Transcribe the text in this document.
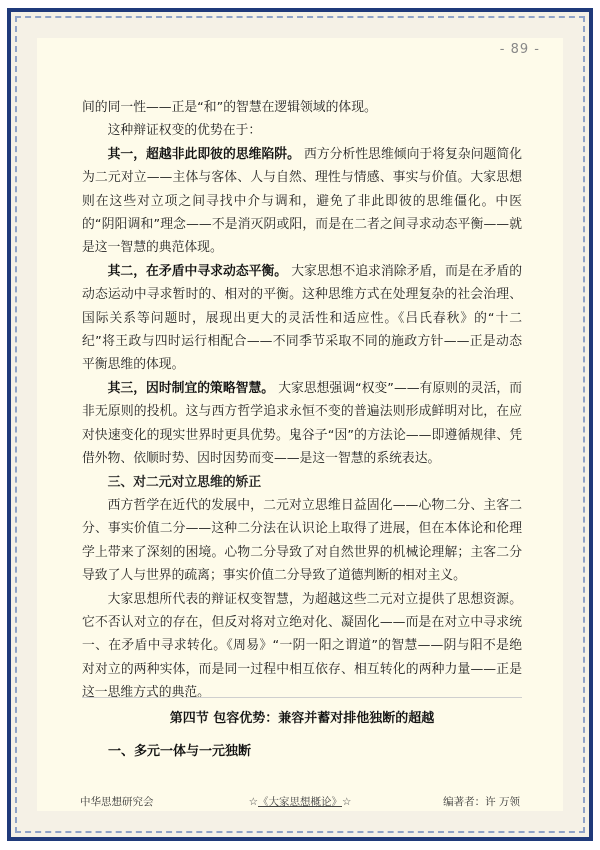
- 89 -

间的同一性——正是“和”的智慧在逻辑领域的体现。

这种辩证权变的优势在于：

其一，超越非此即彼的思维陷阱。 西方分析性思维倾向于将复杂问题简化为二元对立——主体与客体、人与自然、理性与情感、事实与价值。大家思想则在这些对立项之间寻找中介与调和，避免了非此即彼的思维僵化。中医的“阴阳调和”理念——不是消灭阴或阳，而是在二者之间寻求动态平衡——就是这一智慧的典范体现。

其二，在矛盾中寻求动态平衡。 大家思想不追求消除矛盾，而是在矛盾的动态运动中寻求暂时的、相对的平衡。这种思维方式在处理复杂的社会治理、国际关系等问题时，展现出更大的灵活性和适应性。《吕氏春秋》的“十二纪”将王政与四时运行相配合——不同季节采取不同的施政方针——正是动态平衡思维的体现。

其三，因时制宜的策略智慧。 大家思想强调“权变”——有原则的灵活，而非无原则的投机。这与西方哲学追求永恒不变的普遍法则形成鲜明对比，在应对快速变化的现实世界时更具优势。鬼谷子“因”的方法论——即遵循规律、凭借外物、依顺时势、因时因势而变——是这一智慧的系统表达。

三、对二元对立思维的矫正

西方哲学在近代的发展中，二元对立思维日益固化——心物二分、主客二分、事实价值二分——这种二分法在认识论上取得了进展，但在本体论和伦理学上带来了深刻的困境。心物二分导致了对自然世界的机械论理解；主客二分导致了人与世界的疏离；事实价值二分导致了道德判断的相对主义。

大家思想所代表的辩证权变智慧，为超越这些二元对立提供了思想资源。它不否认对立的存在，但反对将对立绝对化、凝固化——而是在对立中寻求统一、在矛盾中寻求转化。《周易》“一阴一阳之谓道”的智慧——阴与阳不是绝对对立的两种实体，而是同一过程中相互依存、相互转化的两种力量——正是这一思维方式的典范。

第四节 包容优势：兼容并蓄对排他独断的超越
一、多元一体与一元独断
中华思想研究会	☆《大家思想概论》☆	编著者：许 万领
